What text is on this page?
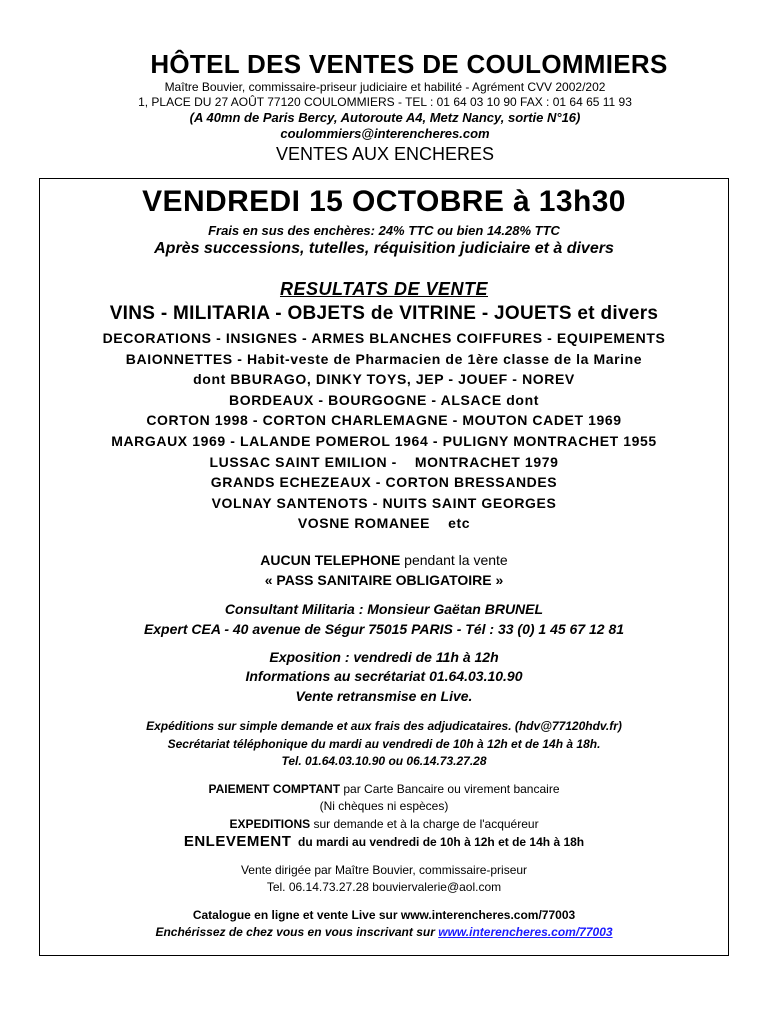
HÔTEL DES VENTES DE COULOMMIERS
Maître Bouvier, commissaire-priseur judiciaire et habilité - Agrément CVV 2002/202
1, PLACE DU 27 AOÛT 77120 COULOMMIERS - TEL : 01 64 03 10 90 FAX : 01 64 65 11 93
(A 40mn de Paris Bercy, Autoroute A4, Metz Nancy, sortie N°16)
coulommiers@interencheres.com
VENTES AUX ENCHERES
VENDREDI 15 OCTOBRE à 13h30
Frais en sus des enchères: 24% TTC ou bien 14.28% TTC
Après successions, tutelles, réquisition judiciaire et à divers
RESULTATS DE VENTE
VINS - MILITARIA - OBJETS de VITRINE - JOUETS et divers
DECORATIONS - INSIGNES - ARMES BLANCHES COIFFURES - EQUIPEMENTS
BAIONNETTES - Habit-veste de Pharmacien de 1ère classe de la Marine
dont BBURAGO, DINKY TOYS, JEP - JOUEF - NOREV
BORDEAUX - BOURGOGNE - ALSACE dont
CORTON 1998 - CORTON CHARLEMAGNE - MOUTON CADET 1969
MARGAUX 1969 - LALANDE POMEROL 1964 - PULIGNY MONTRACHET 1955
LUSSAC SAINT EMILION -    MONTRACHET 1979
GRANDS ECHEZEAUX - CORTON BRESSANDES
VOLNAY SANTENOTS - NUITS SAINT GEORGES
VOSNE ROMANEE    etc
AUCUN TELEPHONE pendant la vente
« PASS SANITAIRE OBLIGATOIRE »
Consultant Militaria : Monsieur Gaëtan BRUNEL
Expert CEA - 40 avenue de Ségur 75015 PARIS - Tél : 33 (0) 1 45 67 12 81
Exposition : vendredi de 11h à 12h
Informations au secrétariat 01.64.03.10.90
Vente retransmise en Live.
Expéditions sur simple demande et aux frais des adjudicataires. (hdv@77120hdv.fr)
Secrétariat téléphonique du mardi au vendredi de 10h à 12h et de 14h à 18h.
Tel. 01.64.03.10.90 ou 06.14.73.27.28
PAIEMENT COMPTANT par Carte Bancaire ou virement bancaire
(Ni chèques ni espèces)
EXPEDITIONS sur demande et à la charge de l'acquéreur
ENLEVEMENT  du mardi au vendredi de 10h à 12h et de 14h à 18h
Vente dirigée par Maître Bouvier, commissaire-priseur
Tel. 06.14.73.27.28 bouviervalerie@aol.com
Catalogue en ligne et vente Live sur www.interencheres.com/77003
Enchérissez de chez vous en vous inscrivant sur www.interencheres.com/77003
